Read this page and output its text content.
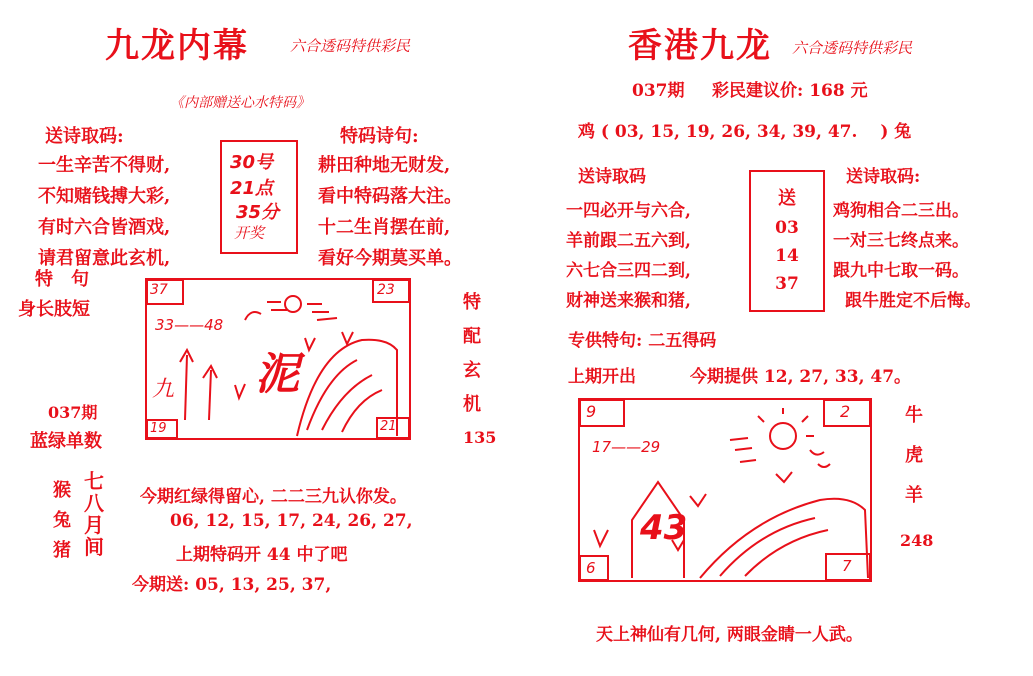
九龙内幕	六合透码特供彩民
《内部赠送心水特码》
送诗取码:
一生辛苦不得财,
不知赌钱搏大彩,
有时六合皆酒戏,
请君留意此玄机,
30号
21点
35分
开奖
特码诗句:
耕田种地无财发,
看中特码落大注。
十二生肖摆在前,
看好今期莫买单。
特　句
身长肢短
037期
蓝绿单数
37	23
19	21
33——48
泥
九
特
配
玄
机
135
猴
兔
猪
七
八
月
间
今期红绿得留心, 二二三九认你发。
06, 12, 15, 17, 24, 26, 27,
上期特码开 44 中了吧
今期送: 05, 13, 25, 37,
香港九龙 六合透码特供彩民
037期 彩民建议价: 168 元
鸡 ( 03, 15, 19, 26, 34, 39, 47.　 ) 兔
送诗取码
一四必开与六合,
羊前跟二五六到,
六七合三四二到,
财神送来猴和猪,
送
03
14
37
送诗取码:
鸡狗相合二三出。
一对三七终点来。
跟九中七取一码。
跟牛胜定不后悔。
专供特句: 二五得码
上期开出	今期提供 12, 27, 33, 47。
9	2
6	7
17——29
43
牛
虎
羊
248
天上神仙有几何, 两眼金睛一人武。
